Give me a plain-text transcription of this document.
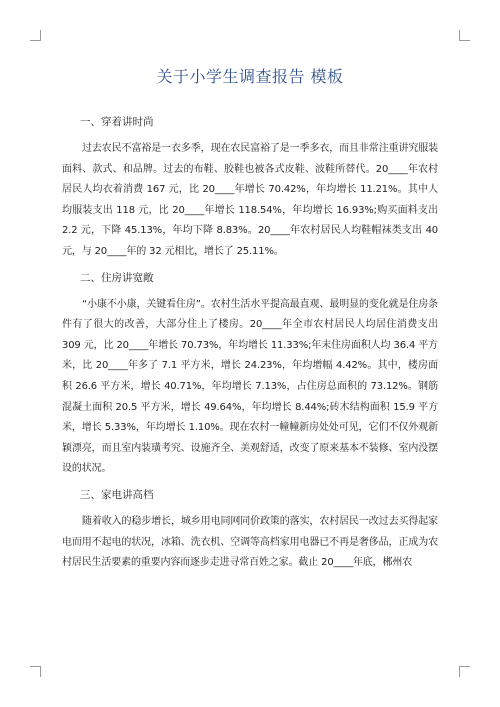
关于小学生调查报告 模板
一、穿着讲时尚

过去农民不富裕是一衣多季，现在农民富裕了是一季多衣，而且非常注重讲究服装面料、款式、和品牌。过去的布鞋、胶鞋也被各式皮鞋、波鞋所替代。20____年农村居民人均衣着消费 167 元，比 20____年增长 70.42%，年均增长 11.21%。其中人均服装支出 118 元，比 20____年增长 118.54%，年均增长 16.93%;购买面料支出 2.2 元，下降 45.13%，年均下降 8.83%。20____年农村居民人均鞋帽袜类支出 40 元，与 20____年的 32 元相比，增长了 25.11%。

二、住房讲宽敞

“小康不小康，关键看住房”。农村生活水平提高最直观、最明显的变化就是住房条件有了很大的改善，大部分住上了楼房。20____年全市农村居民人均居住消费支出 309 元，比 20____年增长 70.73%，年均增长 11.33%;年末住房面积人均 36.4 平方米，比 20____年多了 7.1 平方米，增长 24.23%，年均增幅 4.42%。其中，楼房面积 26.6 平方米，增长 40.71%，年均增长 7.13%，占住房总面积的 73.12%。钢筋混凝土面积 20.5 平方米，增长 49.64%，年均增长 8.44%;砖木结构面积 15.9 平方米，增长 5.33%，年均增长 1.10%。现在农村一幢幢新房处处可见，它们不仅外观新颖漂亮，而且室内装璜考究、设施齐全、美观舒适，改变了原来基本不装修、室内没摆设的状况。

三、家电讲高档

随着收入的稳步增长，城乡用电同网同价政策的落实，农村居民一改过去买得起家电而用不起电的状况，冰箱、洗衣机、空调等高档家用电器已不再是奢侈品，正成为农村居民生活要素的重要内容而逐步走进寻常百姓之家。截止 20____年底，郴州农
